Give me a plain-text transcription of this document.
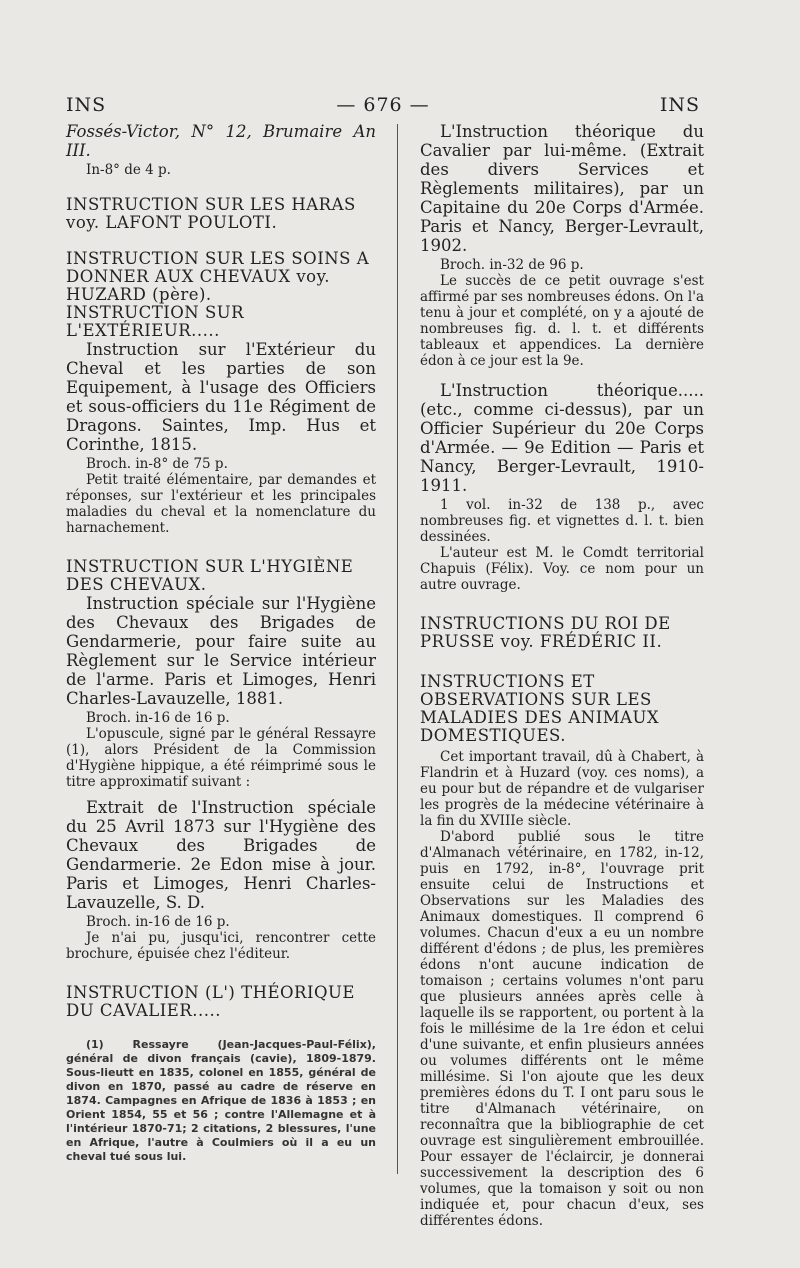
INS	— 676 —	INS

Fossés-Victor, N° 12, Brumaire An III.

In-8° de 4 p.

INSTRUCTION SUR LES HARAS voy. LAFONT POULOTI.

INSTRUCTION SUR LES SOINS A DONNER AUX CHEVAUX voy. HUZARD (père).

INSTRUCTION SUR L'EXTÉRIEUR.....

Instruction sur l'Extérieur du Cheval et les parties de son Equipement, à l'usage des Officiers et sous-officiers du 11e Régiment de Dragons. Saintes, Imp. Hus et Corinthe, 1815.

Broch. in-8° de 75 p.

Petit traité élémentaire, par demandes et réponses, sur l'extérieur et les principales maladies du cheval et la nomenclature du harnachement.

INSTRUCTION SUR L'HYGIÈNE DES CHEVAUX.

Instruction spéciale sur l'Hygiène des Chevaux des Brigades de Gendarmerie, pour faire suite au Règlement sur le Service intérieur de l'arme. Paris et Limoges, Henri Charles-Lavauzelle, 1881.

Broch. in-16 de 16 p.

L'opuscule, signé par le général Ressayre (1), alors Président de la Commission d'Hygiène hippique, a été réimprimé sous le titre approximatif suivant :

Extrait de l'Instruction spéciale du 25 Avril 1873 sur l'Hygiène des Chevaux des Brigades de Gendarmerie. 2e Edon mise à jour. Paris et Limoges, Henri Charles-Lavauzelle, S. D.

Broch. in-16 de 16 p.

Je n'ai pu, jusqu'ici, rencontrer cette brochure, épuisée chez l'éditeur.

INSTRUCTION (L') THÉORIQUE DU CAVALIER.....

(1) Ressayre (Jean-Jacques-Paul-Félix), général de divon français (cavie), 1809-1879. Sous-lieutt en 1835, colonel en 1855, général de divon en 1870, passé au cadre de réserve en 1874. Campagnes en Afrique de 1836 à 1853 ; en Orient 1854, 55 et 56 ; contre l'Allemagne et à l'intérieur 1870-71; 2 citations, 2 blessures, l'une en Afrique, l'autre à Coulmiers où il a eu un cheval tué sous lui.

L'Instruction théorique du Cavalier par lui-même. (Extrait des divers Services et Règlements militaires), par un Capitaine du 20e Corps d'Armée. Paris et Nancy, Berger-Levrault, 1902.

Broch. in-32 de 96 p.

Le succès de ce petit ouvrage s'est affirmé par ses nombreuses édons. On l'a tenu à jour et complété, on y a ajouté de nombreuses fig. d. l. t. et différents tableaux et appendices. La dernière édon à ce jour est la 9e.

L'Instruction théorique..... (etc., comme ci-dessus), par un Officier Supérieur du 20e Corps d'Armée. — 9e Edition — Paris et Nancy, Berger-Levrault, 1910-1911.

1 vol. in-32 de 138 p., avec nombreuses fig. et vignettes d. l. t. bien dessinées.

L'auteur est M. le Comdt territorial Chapuis (Félix). Voy. ce nom pour un autre ouvrage.

INSTRUCTIONS DU ROI DE PRUSSE voy. FRÉDÉRIC II.

INSTRUCTIONS ET OBSERVATIONS SUR LES MALADIES DES ANIMAUX DOMESTIQUES.

Cet important travail, dû à Chabert, à Flandrin et à Huzard (voy. ces noms), a eu pour but de répandre et de vulgariser les progrès de la médecine vétérinaire à la fin du XVIIIe siècle.

D'abord publié sous le titre d'Almanach vétérinaire, en 1782, in-12, puis en 1792, in-8°, l'ouvrage prit ensuite celui de Instructions et Observations sur les Maladies des Animaux domestiques. Il comprend 6 volumes. Chacun d'eux a eu un nombre différent d'édons ; de plus, les premières édons n'ont aucune indication de tomaison ; certains volumes n'ont paru que plusieurs années après celle à laquelle ils se rapportent, ou portent à la fois le millésime de la 1re édon et celui d'une suivante, et enfin plusieurs années ou volumes différents ont le même millésime. Si l'on ajoute que les deux premières édons du T. I ont paru sous le titre d'Almanach vétérinaire, on reconnaîtra que la bibliographie de cet ouvrage est singulièrement embrouillée. Pour essayer de l'éclaircir, je donnerai successivement la description des 6 volumes, que la tomaison y soit ou non indiquée et, pour chacun d'eux, ses différentes édons.
